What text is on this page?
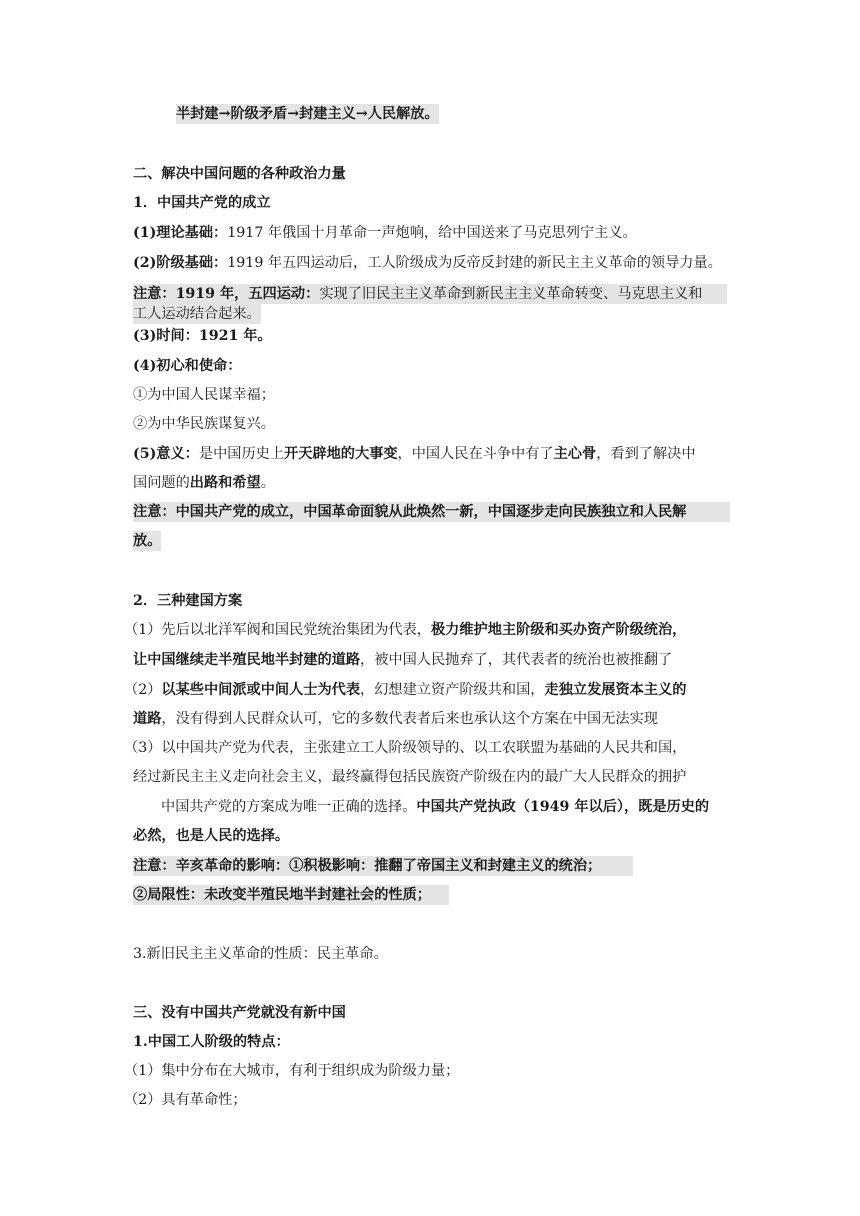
半封建→阶级矛盾→封建主义→人民解放。
二、解决中国问题的各种政治力量
1．中国共产党的成立
(1)理论基础：1917 年俄国十月革命一声炮响，给中国送来了马克思列宁主义。
(2)阶级基础：1919 年五四运动后，工人阶级成为反帝反封建的新民主主义革命的领导力量。
注意：1919 年，五四运动：实现了旧民主主义革命到新民主主义革命转变、马克思主义和
工人运动结合起来。
(3)时间：1921 年。
(4)初心和使命：
①为中国人民谋幸福；
②为中华民族谋复兴。
(5)意义：是中国历史上开天辟地的大事变，中国人民在斗争中有了主心骨，看到了解决中
国问题的出路和希望。
注意：中国共产党的成立，中国革命面貌从此焕然一新，中国逐步走向民族独立和人民解
放。
2．三种建国方案
（1）先后以北洋军阀和国民党统治集团为代表，极力维护地主阶级和买办资产阶级统治，
让中国继续走半殖民地半封建的道路，被中国人民抛弃了，其代表者的统治也被推翻了
（2）以某些中间派或中间人士为代表，幻想建立资产阶级共和国，走独立发展资本主义的
道路，没有得到人民群众认可，它的多数代表者后来也承认这个方案在中国无法实现
（3）以中国共产党为代表，主张建立工人阶级领导的、以工农联盟为基础的人民共和国，
经过新民主主义走向社会主义，最终赢得包括民族资产阶级在内的最广大人民群众的拥护
中国共产党的方案成为唯一正确的选择。中国共产党执政（1949 年以后），既是历史的
必然，也是人民的选择。
注意：辛亥革命的影响：①积极影响：推翻了帝国主义和封建主义的统治；
②局限性：未改变半殖民地半封建社会的性质；
3.新旧民主主义革命的性质：民主革命。
三、没有中国共产党就没有新中国
1.中国工人阶级的特点：
（1）集中分布在大城市，有利于组织成为阶级力量；
（2）具有革命性；
